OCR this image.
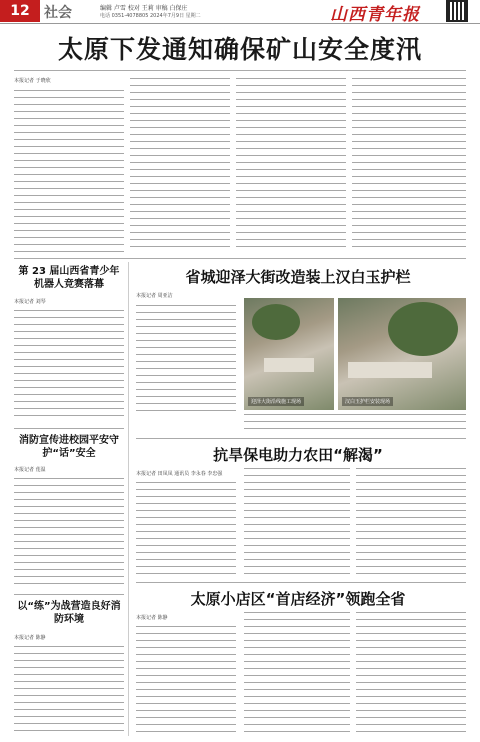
12	社会	编辑 卢雪 校对 王莉 审稿 白保庄
电话 0351-4078805 2024年7月9日 星期二	山西青年报
太原下发通知确保矿山安全度汛
本报记者 于晓欣
第 23 届山西省青少年机器人竞赛落幕
本报记者 刘琴
消防宣传进校园平安守护“话”安全
本报记者 莲温
以“练”为战营造良好消防环境
本报记者 陈静
省城迎泽大街改造装上汉白玉护栏
本报记者 周亚洁
迎泽大街沿线施工现场	汉白玉护栏安装现场
抗旱保电助力农田“解渴”
本报记者 田凤凤 通讯员 李永春 李忠强
太原小店区“首店经济”领跑全省
本报记者 陈静
